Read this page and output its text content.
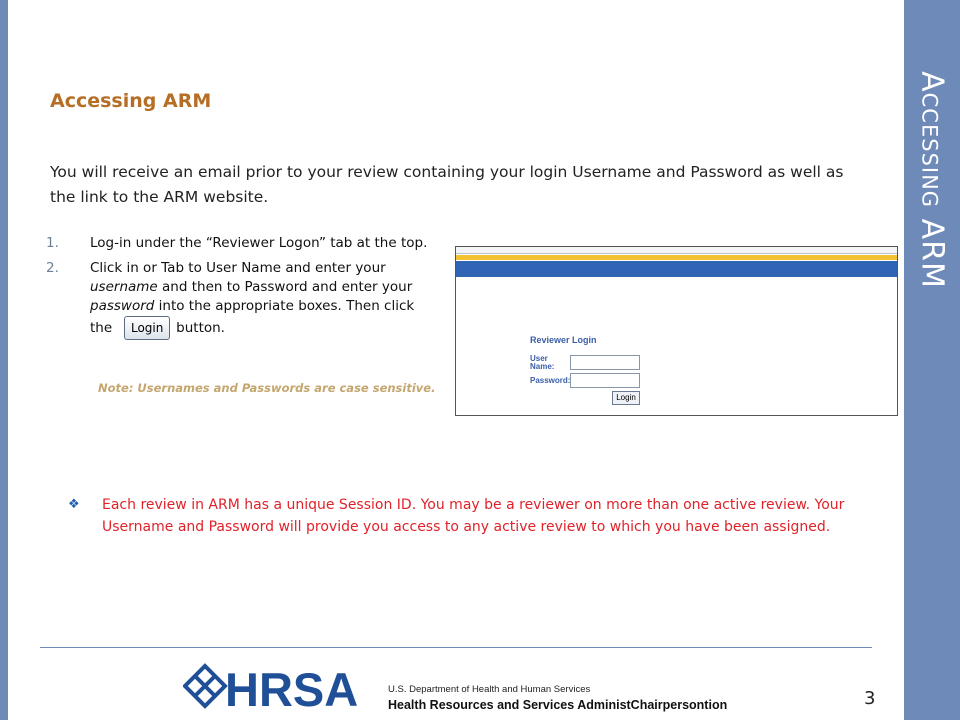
Accessing ARM
Accessing ARM

You will receive an email prior to your review containing your login Username and Password as well as the link to the ARM website.

1. Log-in under the “Reviewer Logon” tab at the top.
2. Click in or Tab to User Name and enter your username and then to Password and enter your password into the appropriate boxes. Then click the Login button.

Note: Usernames and Passwords are case sensitive.

Reviewer Login
User
Name:
Password:
Login
❖	Each review in ARM has a unique Session ID. You may be a reviewer on more than one active review. Your Username and Password will provide you access to any active review to which you have been assigned.
HRSA	U.S. Department of Health and Human Services
Health Resources and Services AdministChairpersontion	3
